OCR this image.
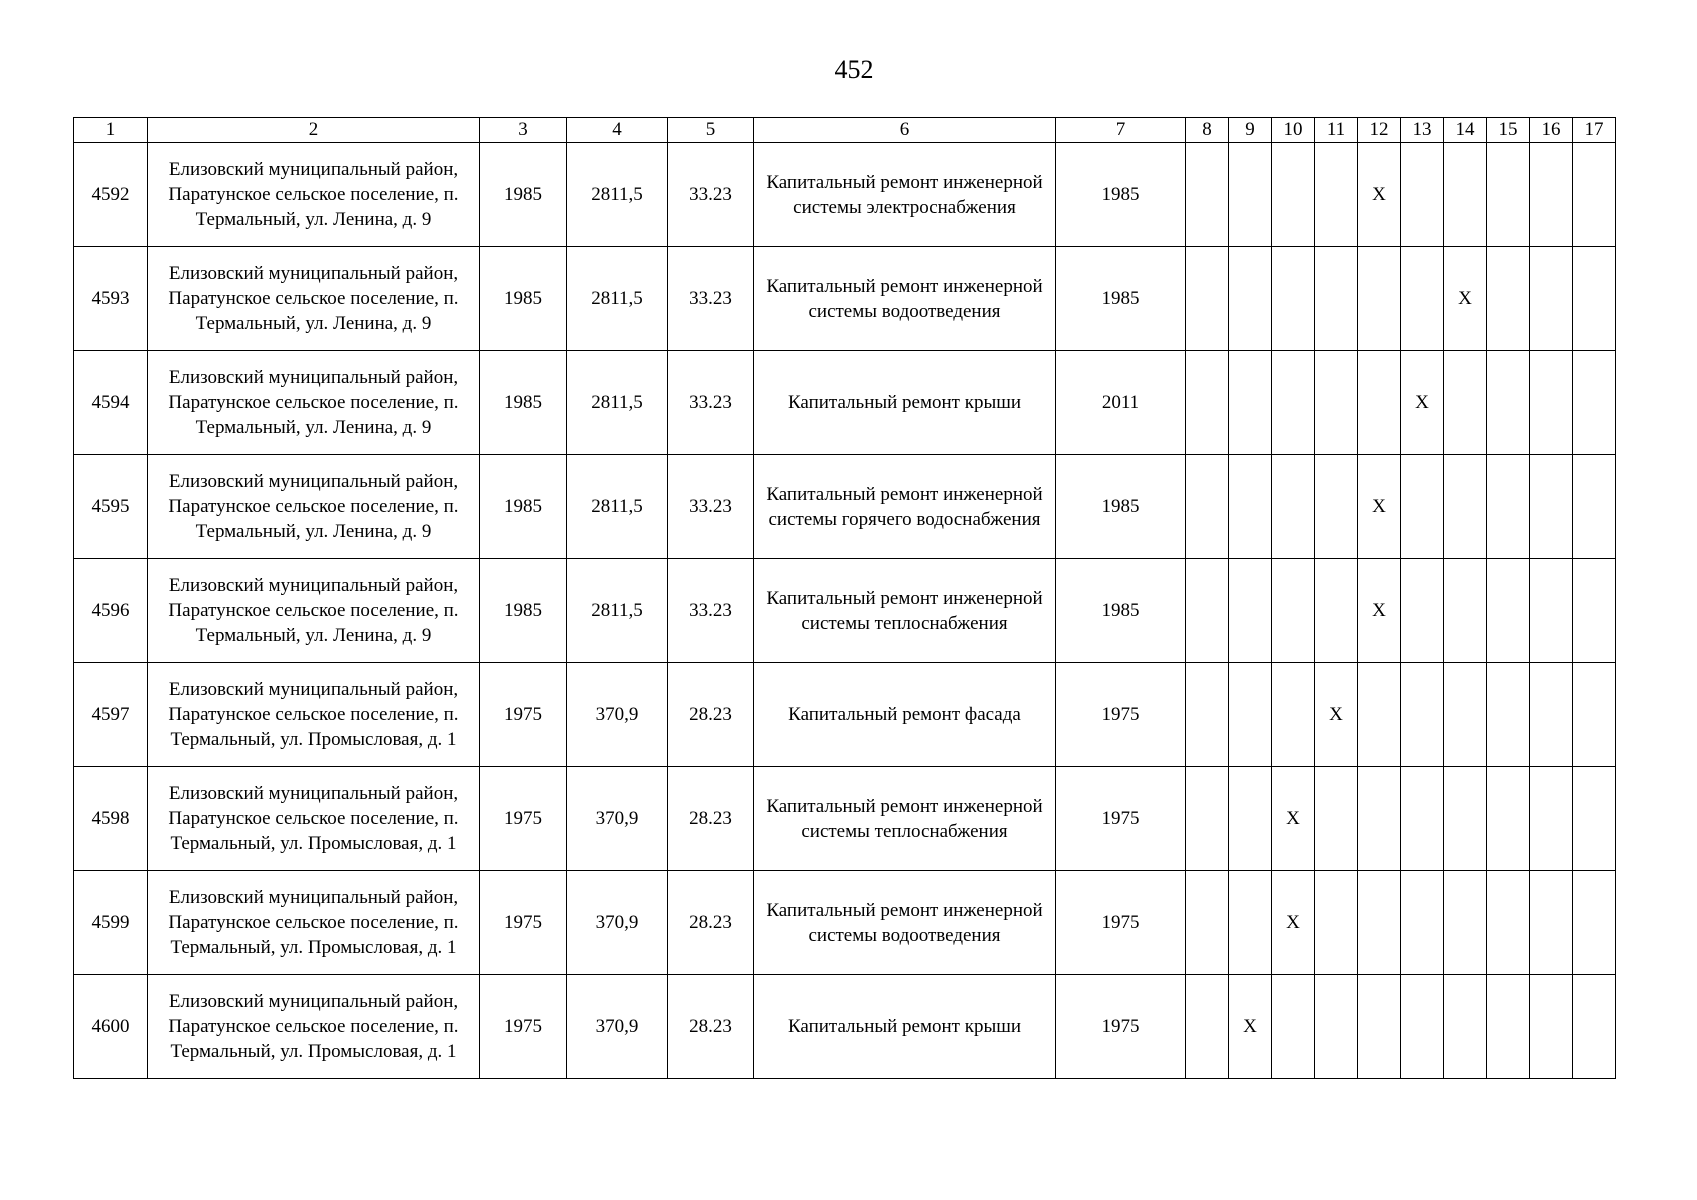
452
1	2	3	4	5	6	7	8	9	10	11	12	13	14	15	16	17
4592	Елизовский муниципальный район, Паратунское сельское поселение, п. Термальный, ул. Ленина, д. 9	1985	2811,5	33.23	Капитальный ремонт инженерной системы электроснабжения	1985					X					
4593	Елизовский муниципальный район, Паратунское сельское поселение, п. Термальный, ул. Ленина, д. 9	1985	2811,5	33.23	Капитальный ремонт инженерной системы водоотведения	1985							X			
4594	Елизовский муниципальный район, Паратунское сельское поселение, п. Термальный, ул. Ленина, д. 9	1985	2811,5	33.23	Капитальный ремонт крыши	2011						X				
4595	Елизовский муниципальный район, Паратунское сельское поселение, п. Термальный, ул. Ленина, д. 9	1985	2811,5	33.23	Капитальный ремонт инженерной системы горячего водоснабжения	1985					X					
4596	Елизовский муниципальный район, Паратунское сельское поселение, п. Термальный, ул. Ленина, д. 9	1985	2811,5	33.23	Капитальный ремонт инженерной системы теплоснабжения	1985					X					
4597	Елизовский муниципальный район, Паратунское сельское поселение, п. Термальный, ул. Промысловая, д. 1	1975	370,9	28.23	Капитальный ремонт фасада	1975				X						
4598	Елизовский муниципальный район, Паратунское сельское поселение, п. Термальный, ул. Промысловая, д. 1	1975	370,9	28.23	Капитальный ремонт инженерной системы теплоснабжения	1975			X							
4599	Елизовский муниципальный район, Паратунское сельское поселение, п. Термальный, ул. Промысловая, д. 1	1975	370,9	28.23	Капитальный ремонт инженерной системы водоотведения	1975			X							
4600	Елизовский муниципальный район, Паратунское сельское поселение, п. Термальный, ул. Промысловая, д. 1	1975	370,9	28.23	Капитальный ремонт крыши	1975		X								
